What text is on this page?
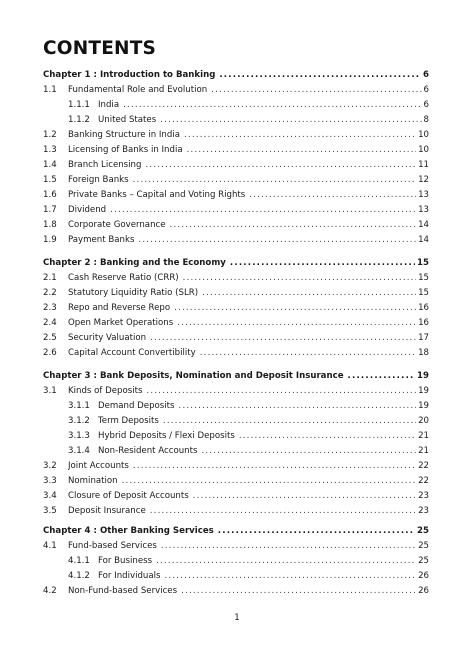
CONTENTS
Chapter 1 : Introduction to Banking .....	6
1.1 Fundamental Role and Evolution .....	6
1.1.1 India .....	6
1.1.2 United States .....	8
1.2 Banking Structure in India .....	10
1.3 Licensing of Banks in India .....	10
1.4 Branch Licensing .....	11
1.5 Foreign Banks .....	12
1.6 Private Banks – Capital and Voting Rights .....	13
1.7 Dividend .....	13
1.8 Corporate Governance .....	14
1.9 Payment Banks .....	14
Chapter 2 : Banking and the Economy .....	15
2.1 Cash Reserve Ratio (CRR) .....	15
2.2 Statutory Liquidity Ratio (SLR) .....	15
2.3 Repo and Reverse Repo .....	16
2.4 Open Market Operations .....	16
2.5 Security Valuation .....	17
2.6 Capital Account Convertibility .....	18
Chapter 3 : Bank Deposits, Nomination and Deposit Insurance .....	19
3.1 Kinds of Deposits .....	19
3.1.1 Demand Deposits .....	19
3.1.2 Term Deposits .....	20
3.1.3 Hybrid Deposits / Flexi Deposits .....	21
3.1.4 Non-Resident Accounts .....	21
3.2 Joint Accounts .....	22
3.3 Nomination .....	22
3.4 Closure of Deposit Accounts .....	23
3.5 Deposit Insurance .....	23
Chapter 4 : Other Banking Services .....	25
4.1 Fund-based Services .....	25
4.1.1 For Business .....	25
4.1.2 For Individuals .....	26
4.2 Non-Fund-based Services .....	26
1
